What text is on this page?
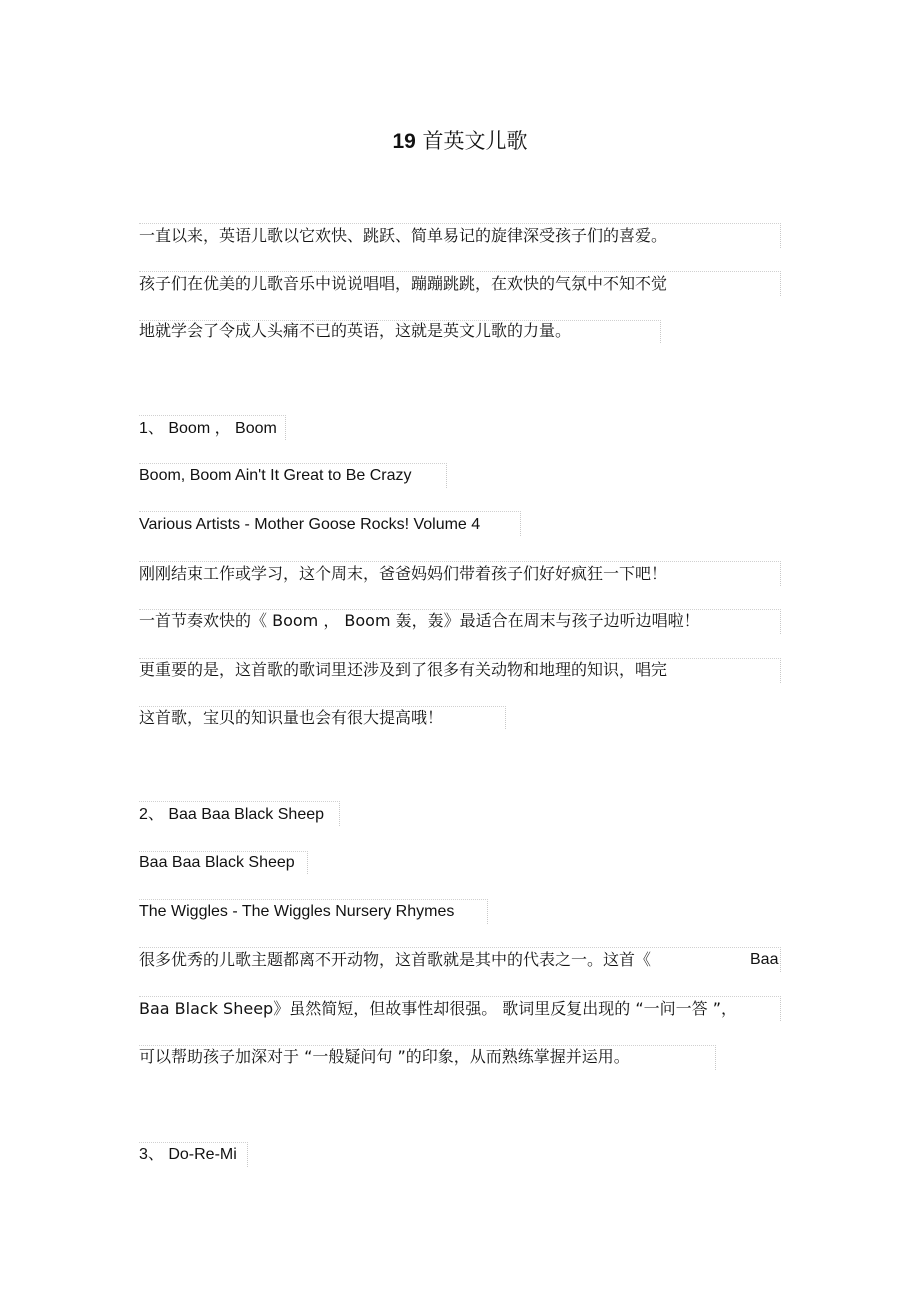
19 首英文儿歌
一直以来，英语儿歌以它欢快、跳跃、简单易记的旋律深受孩子们的喜爱。
孩子们在优美的儿歌音乐中说说唱唱，蹦蹦跳跳，在欢快的气氛中不知不觉
地就学会了令成人头痛不已的英语，这就是英文儿歌的力量。
1、 Boom ， Boom
Boom, Boom Ain't It Great to Be Crazy
Various Artists - Mother Goose Rocks! Volume 4
刚刚结束工作或学习，这个周末，爸爸妈妈们带着孩子们好好疯狂一下吧！
一首节奏欢快的《 Boom ， Boom 轰，轰》最适合在周末与孩子边听边唱啦！
更重要的是，这首歌的歌词里还涉及到了很多有关动物和地理的知识，唱完
这首歌，宝贝的知识量也会有很大提高哦！
2、 Baa Baa Black Sheep
Baa Baa Black Sheep
The Wiggles - The Wiggles Nursery Rhymes
很多优秀的儿歌主题都离不开动物，这首歌就是其中的代表之一。这首《	Baa
Baa Black Sheep》虽然简短，但故事性却很强。 歌词里反复出现的 “一问一答 ”，
可以帮助孩子加深对于 “一般疑问句 ”的印象，从而熟练掌握并运用。
3、 Do-Re-Mi
